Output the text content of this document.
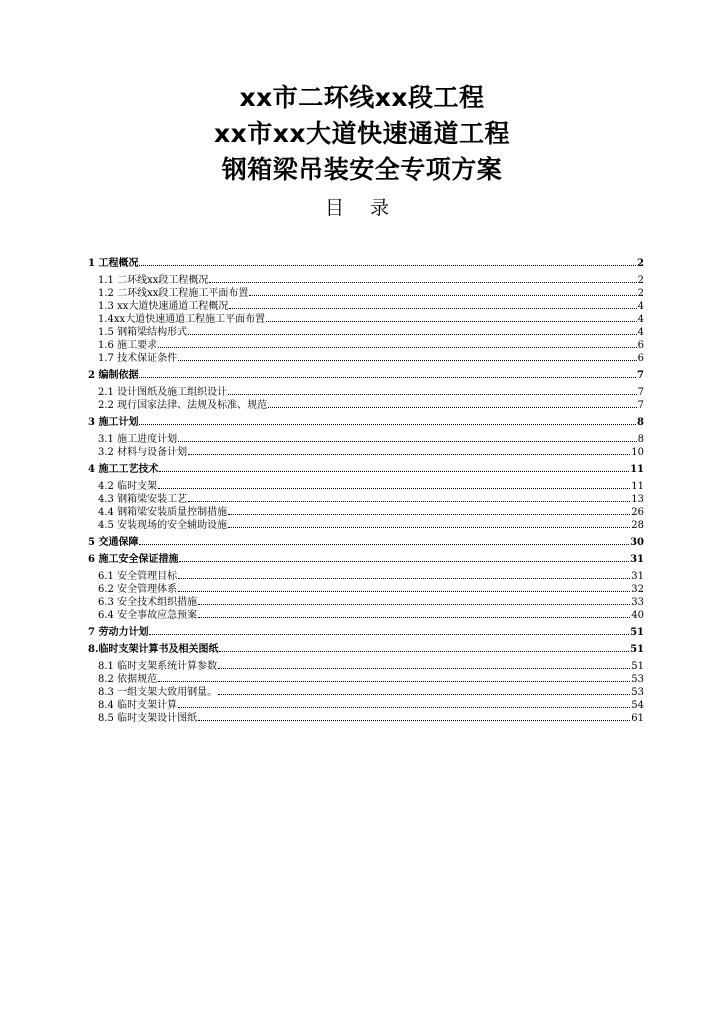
xx市二环线xx段工程
xx市xx大道快速通道工程
钢箱梁吊装安全专项方案
目 录
1 工程概况	2
1.1 二环线xx段工程概况	2
1.2 二环线xx段工程施工平面布置	2
1.3 xx大道快速通道工程概况	4
1.4xx大道快速通道工程施工平面布置	4
1.5 钢箱梁结构形式	4
1.6 施工要求	6
1.7 技术保证条件	6
2 编制依据	7
2.1 设计图纸及施工组织设计	7
2.2 现行国家法律、法规及标准、规范	7
3 施工计划	8
3.1 施工进度计划	8
3.2 材料与设备计划	10
4 施工工艺技术	11
4.2 临时支架	11
4.3 钢箱梁安装工艺	13
4.4 钢箱梁安装质量控制措施	26
4.5 安装现场的安全辅助设施	28
5 交通保障	30
6 施工安全保证措施	31
6.1 安全管理目标	31
6.2 安全管理体系	32
6.3 安全技术组织措施	33
6.4 安全事故应急预案	40
7 劳动力计划	51
8.临时支架计算书及相关图纸	51
8.1 临时支架系统计算参数	51
8.2 依据规范	53
8.3 一组支架大致用钢量。	53
8.4 临时支架计算	54
8.5 临时支架设计图纸	61
